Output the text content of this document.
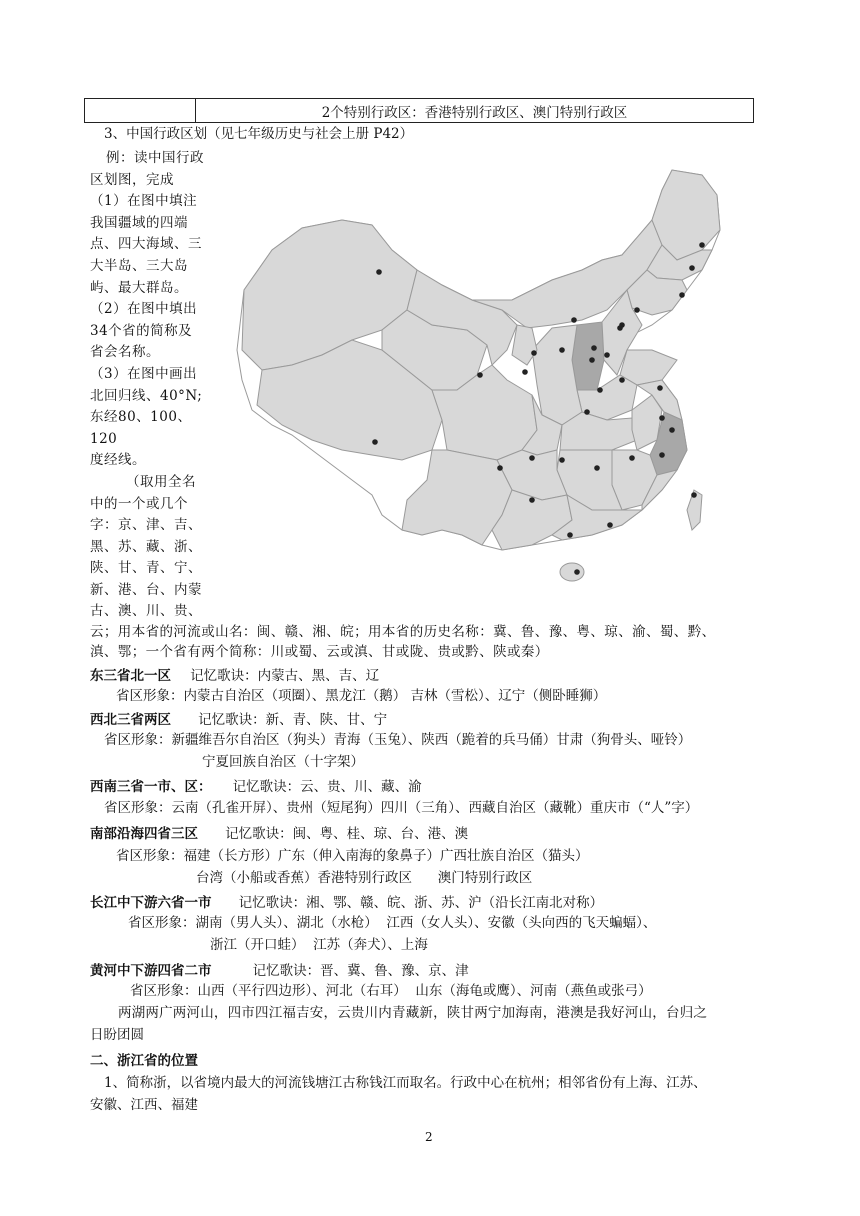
	2个特别行政区：香港特别行政区、澳门特别行政区
3、中国行政区划（见七年级历史与社会上册 P42）

例：读中国行政

区划图，完成

（1）在图中填注

我国疆域的四端

点、四大海域、三

大半岛、三大岛

屿、最大群岛。

（2）在图中填出

34个省的简称及

省会名称。

（3）在图中画出

北回归线、40°N;

东经80、100、120

度经线。

（取用全名

中的一个或几个

字：京、津、吉、

黑、苏、藏、浙、

陕、甘、青、宁、

新、港、台、内蒙

古、澳、川、贵、

云；用本省的河流或山名：闽、赣、湘、皖；用本省的历史名称：冀、鲁、豫、粤、琼、渝、蜀、黔、
滇、鄂；一个省有两个简称：川或蜀、云或滇、甘或陇、贵或黔、陕或秦）
东三省北一区 记忆歌诀：内蒙古、黑、吉、辽
省区形象：内蒙古自治区（项圈）、黑龙江（鹅） 吉林（雪松）、辽宁（侧卧睡狮）
西北三省两区 记忆歌诀：新、青、陕、甘、宁
省区形象：新疆维吾尔自治区（狗头）青海（玉兔）、陕西（跪着的兵马俑）甘肃（狗骨头、哑铃）
宁夏回族自治区（十字架）
西南三省一市、区： 记忆歌诀：云、贵、川、藏、渝
省区形象：云南（孔雀开屏）、贵州（短尾狗）四川（三角）、西藏自治区（藏靴）重庆市（“人”字）
南部沿海四省三区 记忆歌诀：闽、粤、桂、琼、台、港、澳
省区形象：福建（长方形）广东（伸入南海的象鼻子）广西壮族自治区（猫头）
台湾（小船或香蕉）香港特别行政区      澳门特别行政区
长江中下游六省一市 记忆歌诀：湘、鄂、赣、皖、浙、苏、沪（沿长江南北对称）
省区形象：湖南（男人头）、湖北（水枪）  江西（女人头）、安徽（头向西的飞天蝙蝠）、
浙江（开口蛙）  江苏（奔犬）、上海
黄河中下游四省二市	记忆歌诀：晋、冀、鲁、豫、京、津
省区形象：山西（平行四边形）、河北（右耳）  山东（海龟或鹰）、河南（燕鱼或张弓）
两湖两广两河山，四市四江福吉安，云贵川内青藏新，陕甘两宁加海南，港澳是我好河山，台归之
日盼团圆
二、浙江省的位置
1、简称浙，以省境内最大的河流钱塘江古称钱江而取名。行政中心在杭州；相邻省份有上海、江苏、
安徽、江西、福建
2
